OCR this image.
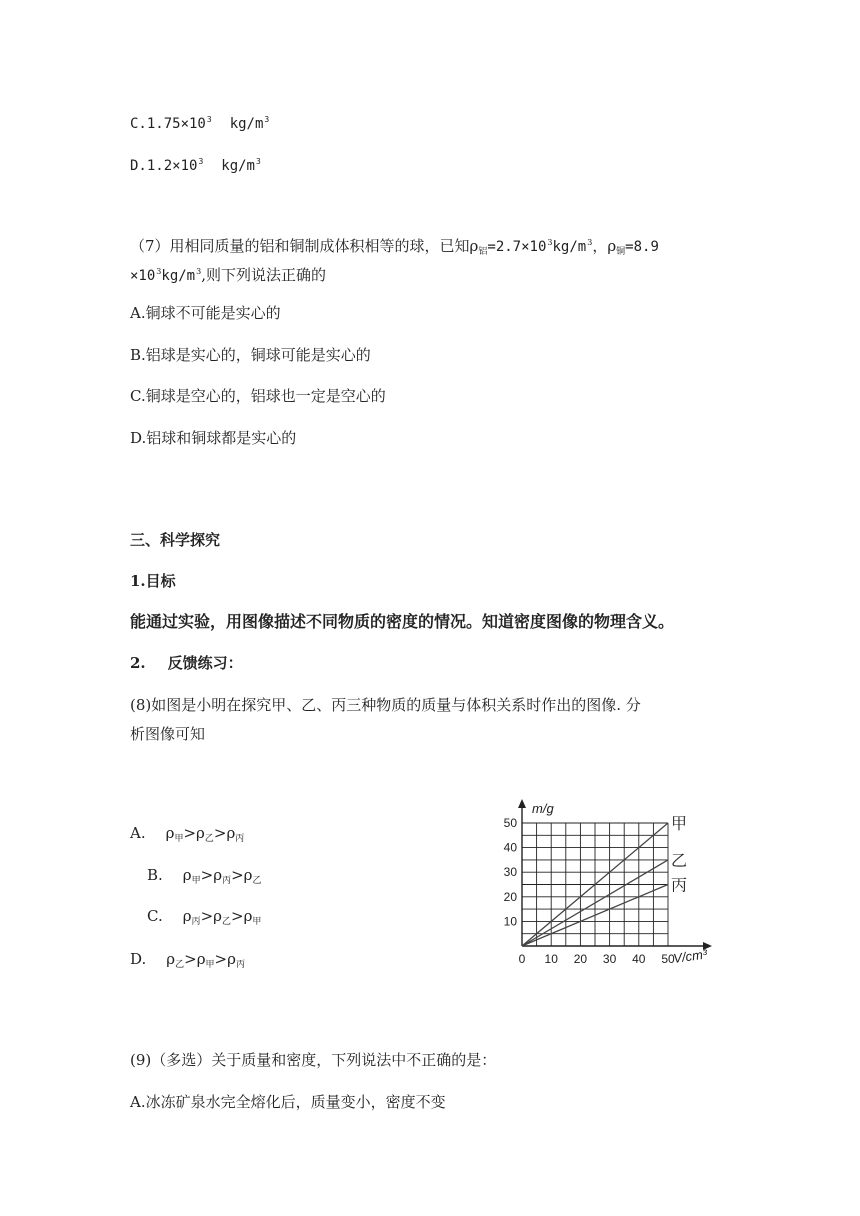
$C.1.75\times 10^3$ $kg/m^3$
$D.1.2\times 10^3$ $kg/m^3$
（7）用相同质量的铝和铜制成体积相等的球，已知$\rho_铝=2.7\times 10^3kg/m^3$，$\rho_铜=8.9$
$\times 10^3kg/m^3$,则下列说法正确的
A.铜球不可能是实心的
B.铝球是实心的，铜球可能是实心的
C.铜球是空心的，铝球也一定是空心的
D.铝球和铜球都是实心的
三、科学探究
1.目标
能通过实验，用图像描述不同物质的密度的情况。知道密度图像的物理含义。
2. 反馈练习：
(8)如图是小明在探究甲、乙、丙三种物质的质量与体积关系时作出的图像. 分
析图像可知
A. $\rho_甲>\rho_乙>\rho_丙$
B. $\rho_甲>\rho_丙>\rho_乙$
C. $\rho_丙>\rho_乙>\rho_甲$
D. $\rho_乙>\rho_甲>\rho_丙$
m/g
V/cm³
0 10 20 30 40 50
10
20
30
40
50	甲
乙
丙
(9)（多选）关于质量和密度，下列说法中不正确的是：
A.冰冻矿泉水完全熔化后，质量变小，密度不变
